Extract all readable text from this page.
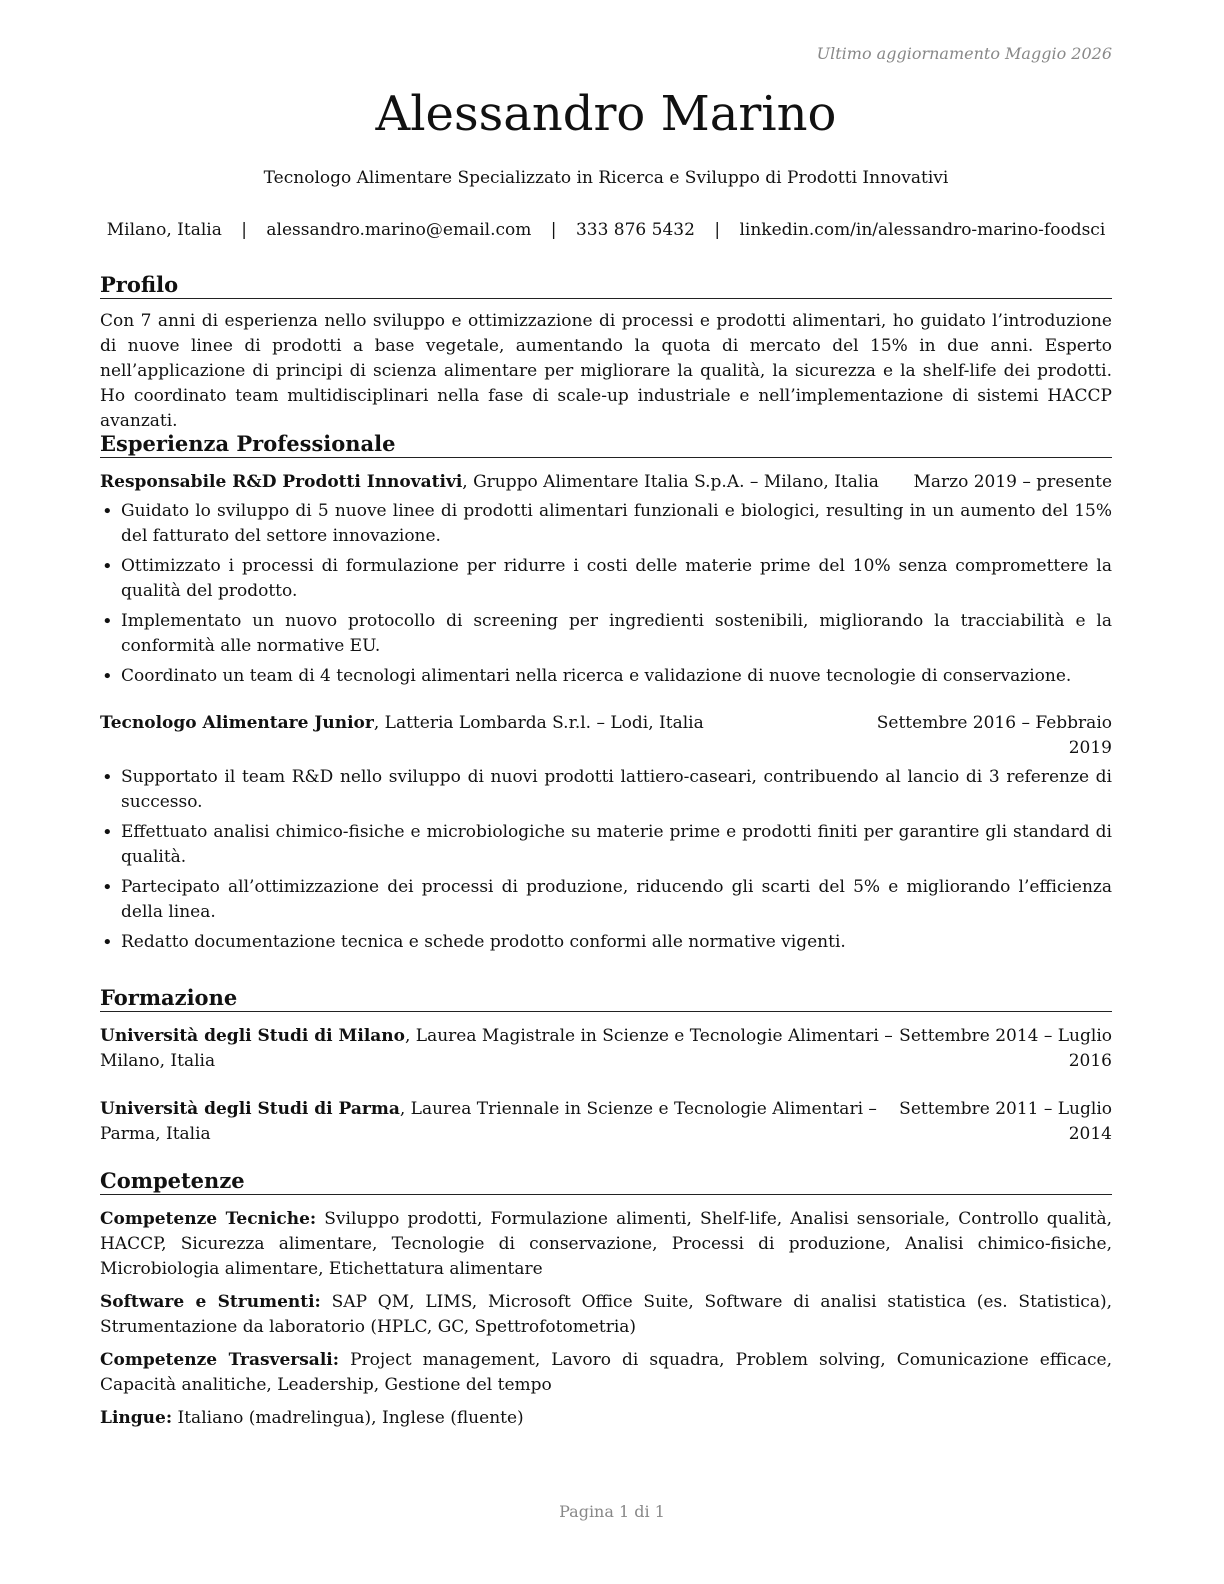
Ultimo aggiornamento Maggio 2026
Alessandro Marino
Tecnologo Alimentare Specializzato in Ricerca e Sviluppo di Prodotti Innovativi
Milano, Italia | alessandro.marino@email.com | 333 876 5432 | linkedin.com/in/alessandro-marino-foodsci
Profilo

Con 7 anni di esperienza nello sviluppo e ottimizzazione di processi e prodotti alimentari, ho guidato l’introduzione di nuove linee di prodotti a base vegetale, aumentando la quota di mercato del 15% in due anni. Esperto nell’applicazione di principi di scienza alimentare per migliorare la qualità, la sicurezza e la shelf-life dei prodotti. Ho coordinato team multidisciplinari nella fase di scale-up industriale e nell’implementazione di sistemi HACCP avanzati.

Esperienza Professionale
Responsabile R&D Prodotti Innovativi, Gruppo Alimentare Italia S.p.A. – Milano, Italia Marzo 2019 – presente
• Guidato lo sviluppo di 5 nuove linee di prodotti alimentari funzionali e biologici, resulting in un aumento del 15% del fatturato del settore innovazione.
• Ottimizzato i processi di formulazione per ridurre i costi delle materie prime del 10% senza compromettere la qualità del prodotto.
• Implementato un nuovo protocollo di screening per ingredienti sostenibili, migliorando la tracciabilità e la conformità alle normative EU.
• Coordinato un team di 4 tecnologi alimentari nella ricerca e validazione di nuove tecnologie di conservazione.
Tecnologo Alimentare Junior, Latteria Lombarda S.r.l. – Lodi, Italia	Settembre 2016 – Febbraio 2019
• Supportato il team R&D nello sviluppo di nuovi prodotti lattiero-caseari, contribuendo al lancio di 3 referenze di successo.
• Effettuato analisi chimico-fisiche e microbiologiche su materie prime e prodotti finiti per garantire gli standard di qualità.
• Partecipato all’ottimizzazione dei processi di produzione, riducendo gli scarti del 5% e migliorando l’efficienza della linea.
• Redatto documentazione tecnica e schede prodotto conformi alle normative vigenti.
Formazione
Università degli Studi di Milano, Laurea Magistrale in Scienze e Tecnologie Alimentari – Settembre 2014 – Luglio
Milano, Italia	2016
Università degli Studi di Parma, Laurea Triennale in Scienze e Tecnologie Alimentari – Settembre 2011 – Luglio
Parma, Italia	2014
Competenze
Competenze Tecniche: Sviluppo prodotti, Formulazione alimenti, Shelf-life, Analisi sensoriale, Controllo qualità, HACCP, Sicurezza alimentare, Tecnologie di conservazione, Processi di produzione, Analisi chimico-fisiche, Microbiologia alimentare, Etichettatura alimentare
Software e Strumenti: SAP QM, LIMS, Microsoft Office Suite, Software di analisi statistica (es. Statistica), Strumentazione da laboratorio (HPLC, GC, Spettrofotometria)
Competenze Trasversali: Project management, Lavoro di squadra, Problem solving, Comunicazione efficace, Capacità analitiche, Leadership, Gestione del tempo
Lingue: Italiano (madrelingua), Inglese (fluente)
Pagina 1 di 1
